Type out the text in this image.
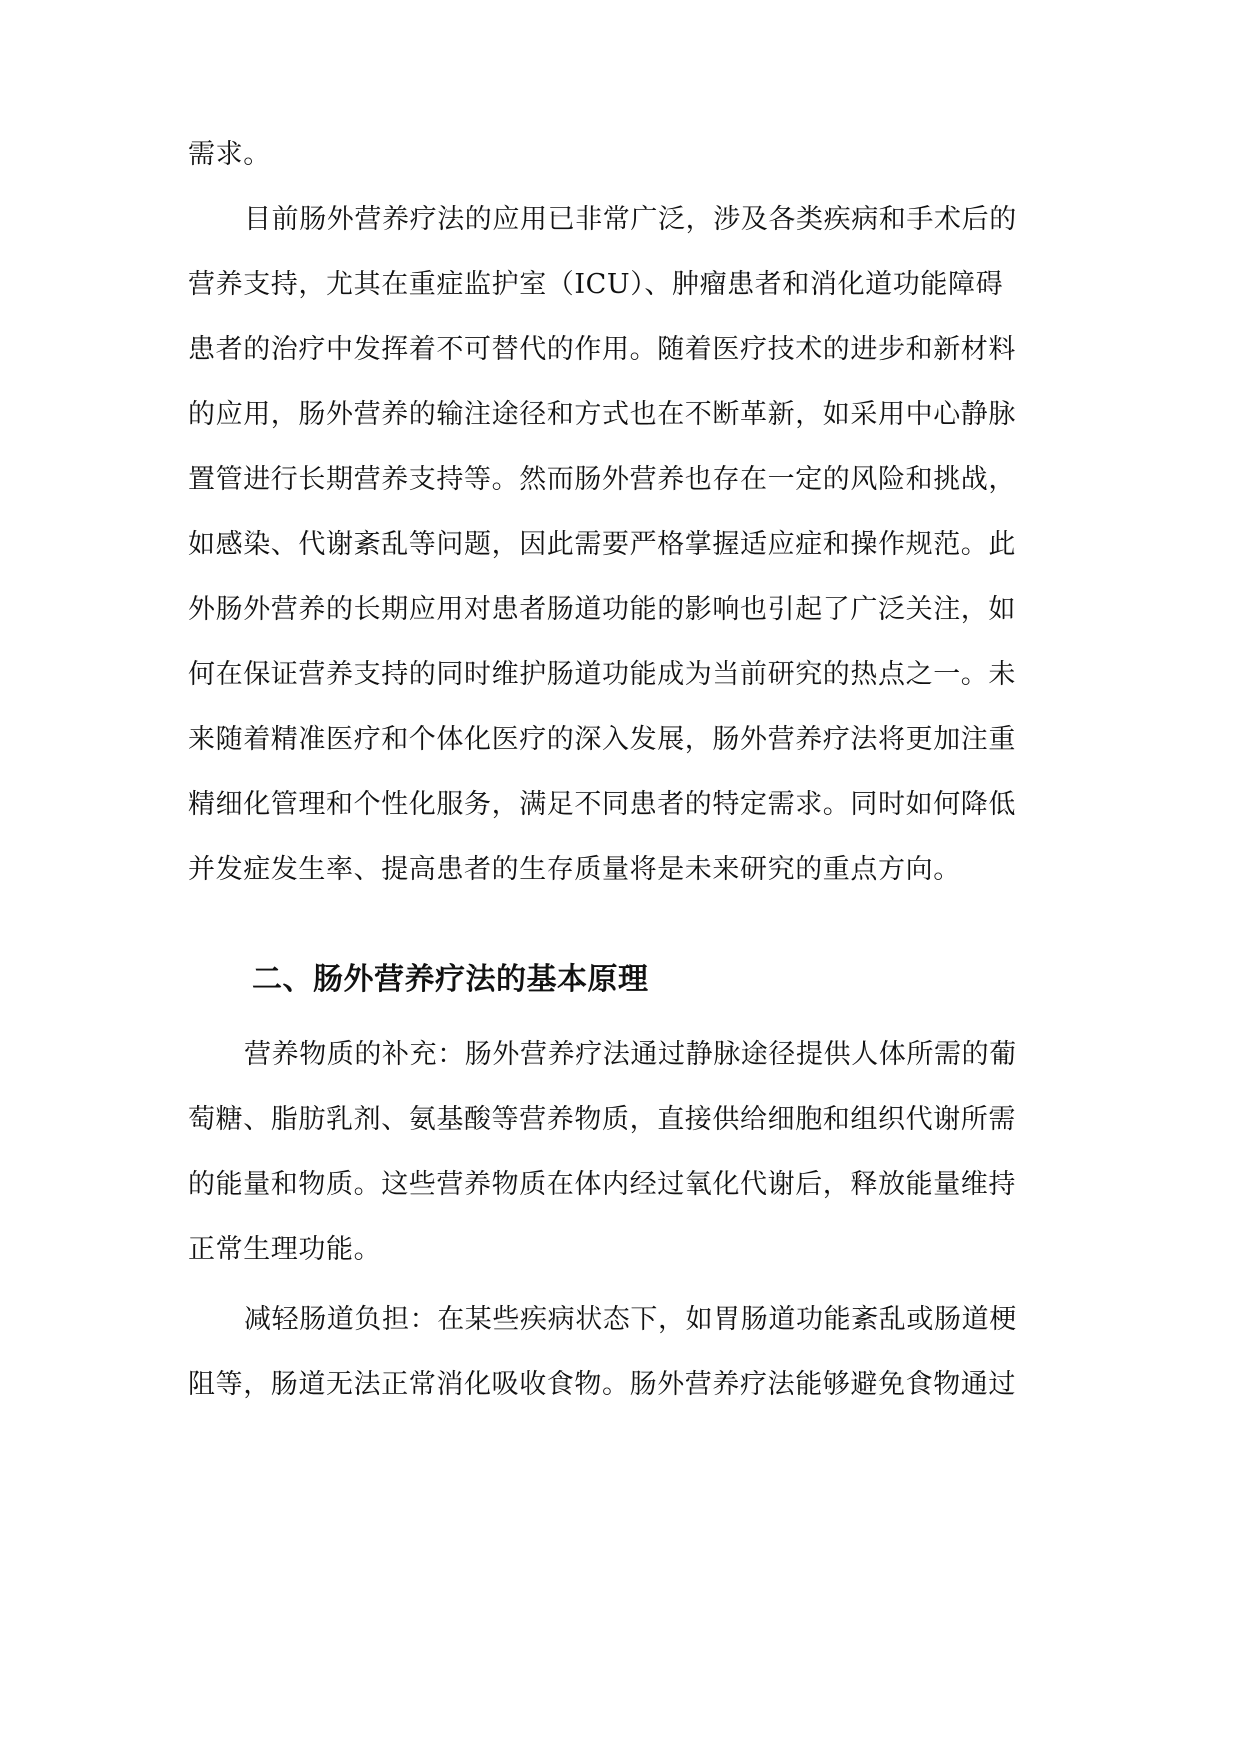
需求。
目前肠外营养疗法的应用已非常广泛，涉及各类疾病和手术后的
营养支持，尤其在重症监护室（ICU）、肿瘤患者和消化道功能障碍
患者的治疗中发挥着不可替代的作用。随着医疗技术的进步和新材料
的应用，肠外营养的输注途径和方式也在不断革新，如采用中心静脉
置管进行长期营养支持等。然而肠外营养也存在一定的风险和挑战，
如感染、代谢紊乱等问题，因此需要严格掌握适应症和操作规范。此
外肠外营养的长期应用对患者肠道功能的影响也引起了广泛关注，如
何在保证营养支持的同时维护肠道功能成为当前研究的热点之一。未
来随着精准医疗和个体化医疗的深入发展，肠外营养疗法将更加注重
精细化管理和个性化服务，满足不同患者的特定需求。同时如何降低
并发症发生率、提高患者的生存质量将是未来研究的重点方向。
二、肠外营养疗法的基本原理
营养物质的补充：肠外营养疗法通过静脉途径提供人体所需的葡
萄糖、脂肪乳剂、氨基酸等营养物质，直接供给细胞和组织代谢所需
的能量和物质。这些营养物质在体内经过氧化代谢后，释放能量维持
正常生理功能。
减轻肠道负担：在某些疾病状态下，如胃肠道功能紊乱或肠道梗
阻等，肠道无法正常消化吸收食物。肠外营养疗法能够避免食物通过
